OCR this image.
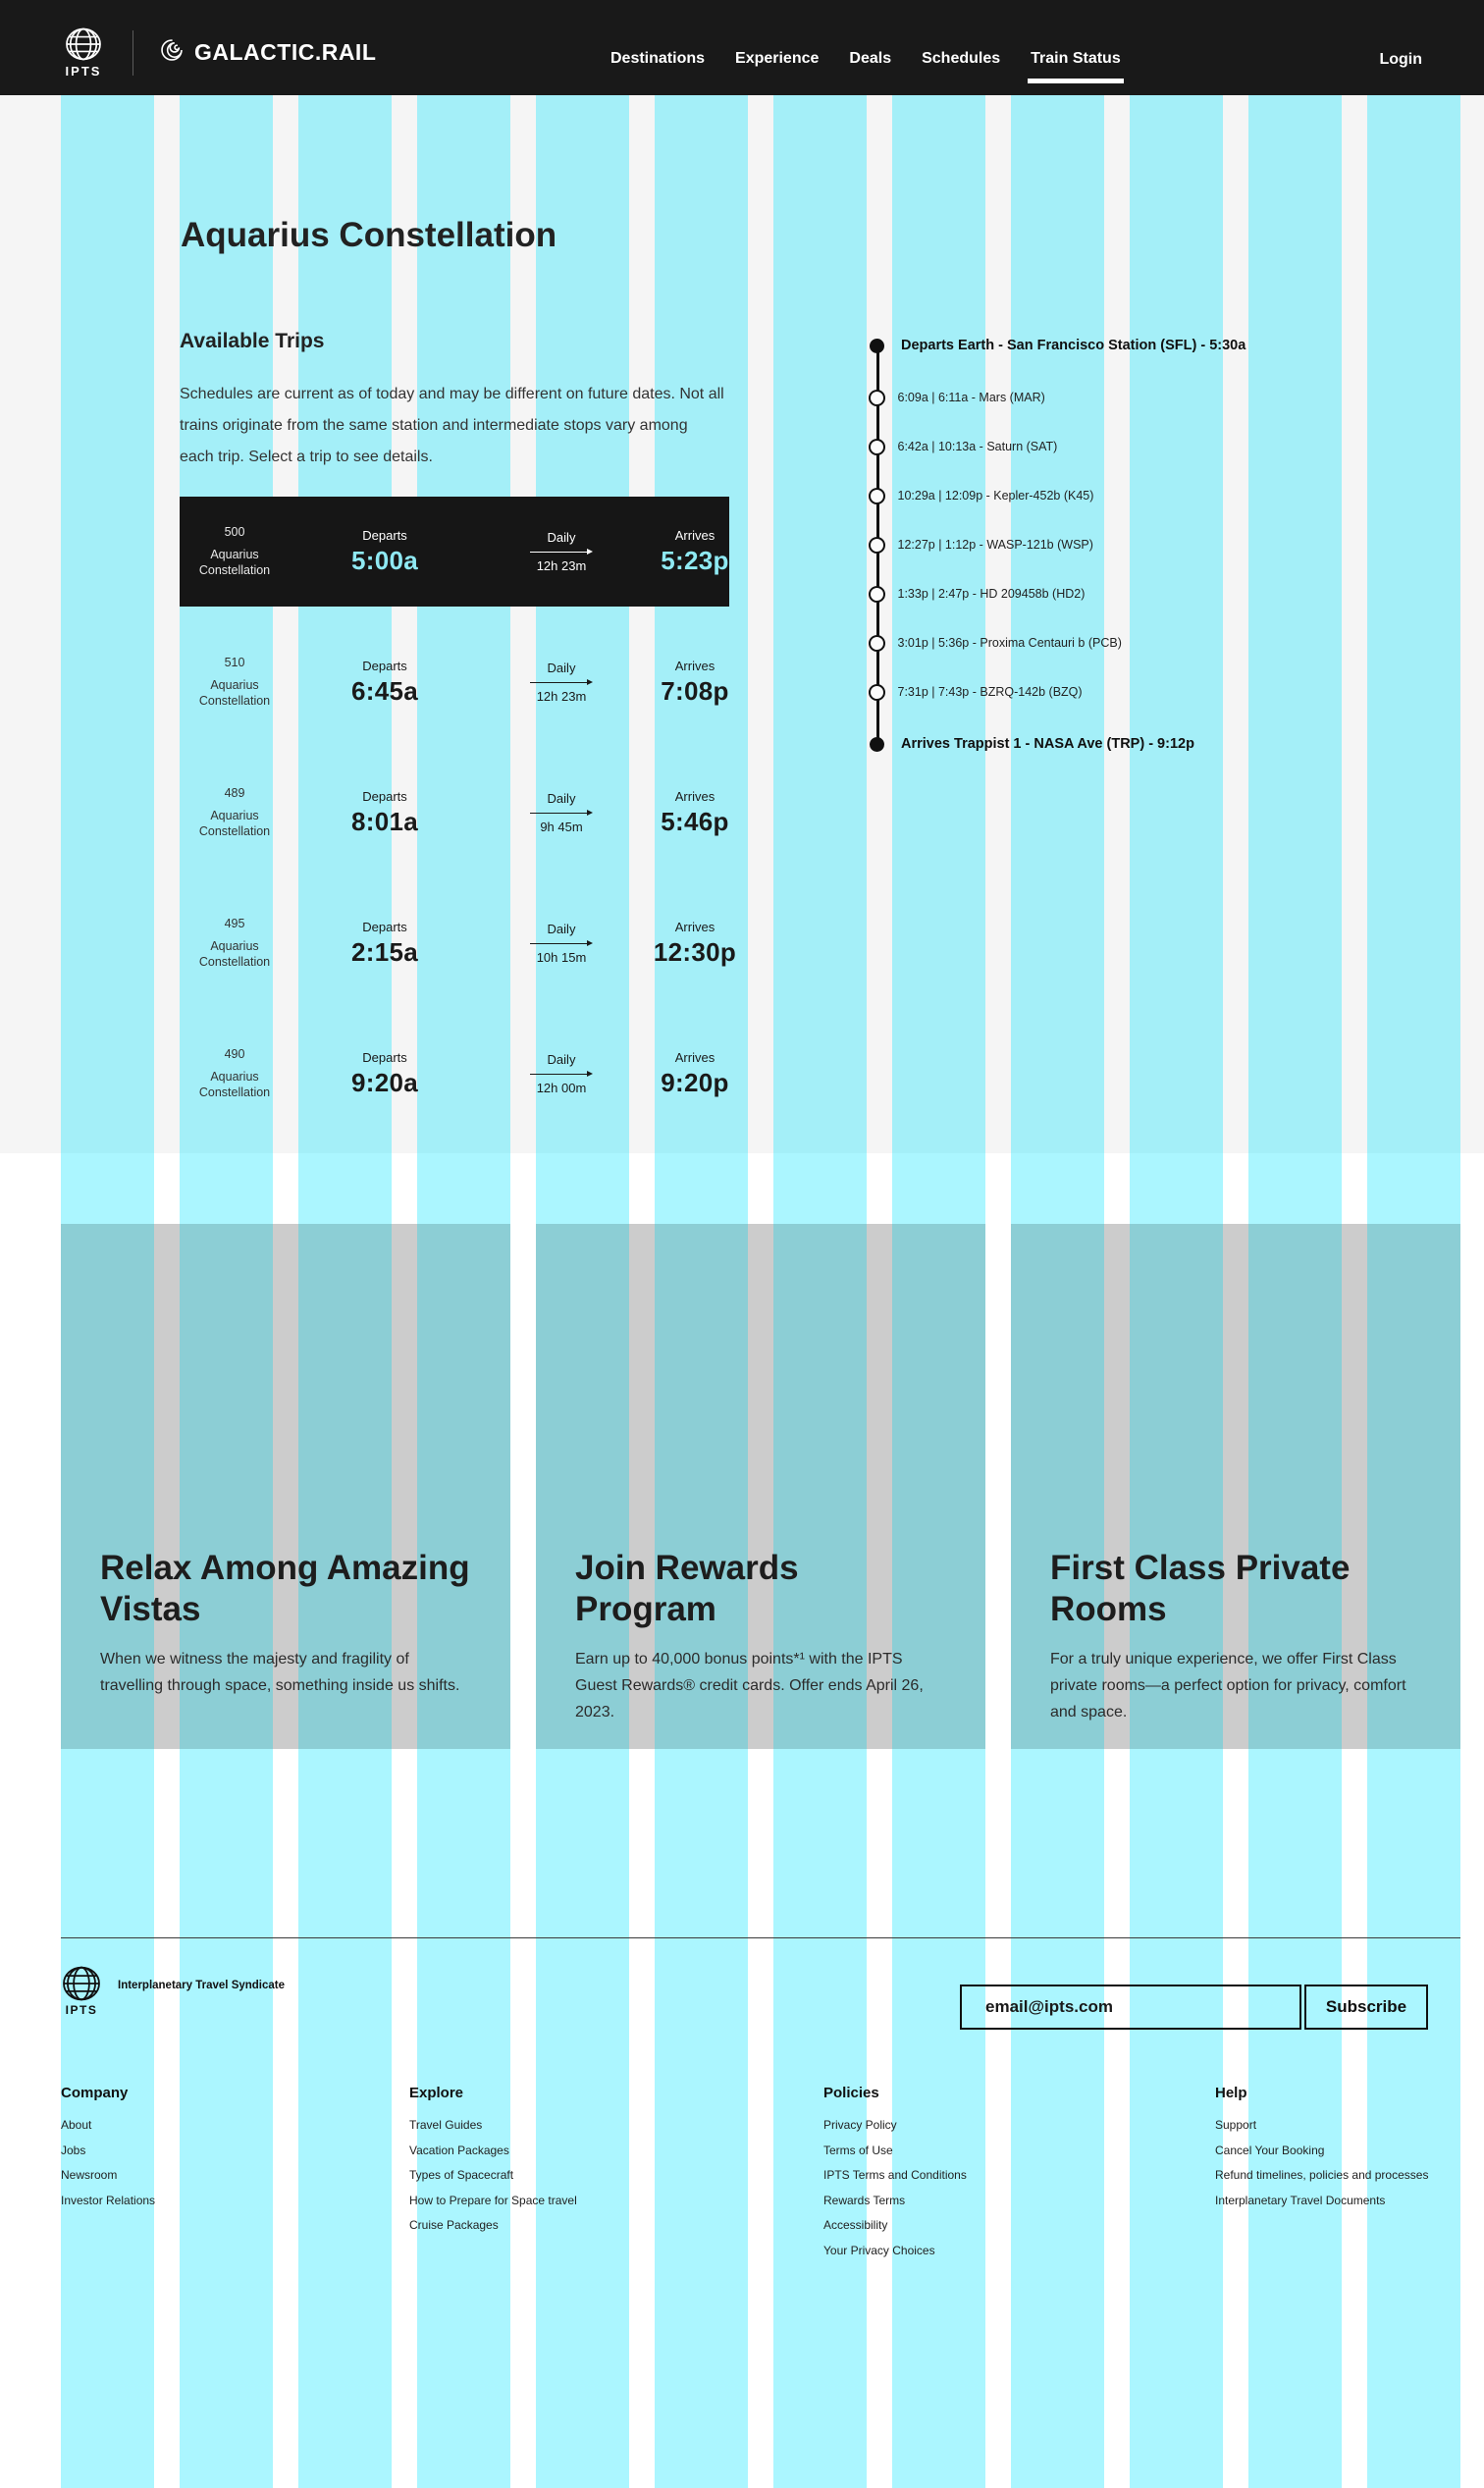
IPTS
GALACTIC.RAIL	Destinations Experience Deals Schedules Train Status	Login
Aquarius Constellation
Available Trips

Schedules are current as of today and may be different on future dates. Not all trains originate from the same station and intermediate stops vary among each trip. Select a trip to see details.

500
Aquarius Constellation
Departs
5:00a
Daily
12h 23m
Arrives
5:23p
510
Aquarius Constellation
Departs
6:45a
Daily
12h 23m
Arrives
7:08p
489
Aquarius Constellation
Departs
8:01a
Daily
9h 45m
Arrives
5:46p
495
Aquarius Constellation
Departs
2:15a
Daily
10h 15m
Arrives
12:30p
490
Aquarius Constellation
Departs
9:20a
Daily
12h 00m
Arrives
9:20p
Departs Earth - San Francisco Station (SFL) - 5:30a
6:09a | 6:11a - Mars (MAR)
6:42a | 10:13a - Saturn (SAT)
10:29a | 12:09p - Kepler-452b (K45)
12:27p | 1:12p - WASP-121b (WSP)
1:33p | 2:47p - HD 209458b (HD2)
3:01p | 5:36p - Proxima Centauri b (PCB)
7:31p | 7:43p - BZRQ-142b (BZQ)
Arrives Trappist 1 - NASA Ave (TRP) - 9:12p
Relax Among Amazing Vistas

When we witness the majesty and fragility of travelling through space, something inside us shifts.

Join Rewards Program

Earn up to 40,000 bonus points*¹ with the IPTS Guest Rewards® credit cards. Offer ends April 26, 2023.

First Class Private Rooms

For a truly unique experience, we offer First Class private rooms—a perfect option for privacy, comfort and space.

IPTS
Interplanetary Travel Syndicate
email@ipts.com
Subscribe
Company
About
Jobs
Newsroom
Investor Relations
Explore
Travel Guides
Vacation Packages
Types of Spacecraft
How to Prepare for Space travel
Cruise Packages
Policies
Privacy Policy
Terms of Use
IPTS Terms and Conditions
Rewards Terms
Accessibility
Your Privacy Choices
Help
Support
Cancel Your Booking
Refund timelines, policies and processes
Interplanetary Travel Documents
